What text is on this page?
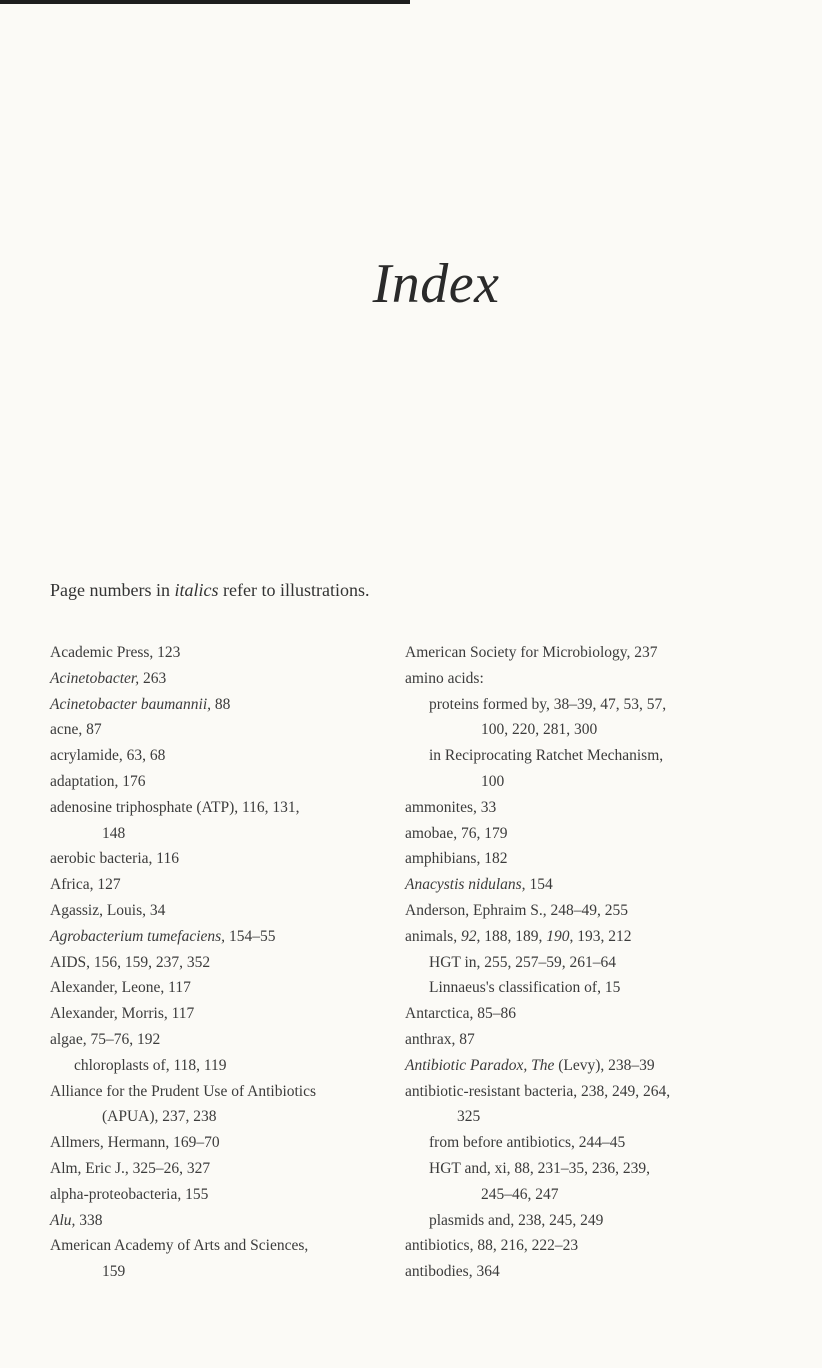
Index
Page numbers in italics refer to illustrations.
Academic Press, 123
Acinetobacter, 263
Acinetobacter baumannii, 88
acne, 87
acrylamide, 63, 68
adaptation, 176
adenosine triphosphate (ATP), 116, 131,
148
aerobic bacteria, 116
Africa, 127
Agassiz, Louis, 34
Agrobacterium tumefaciens, 154–55
AIDS, 156, 159, 237, 352
Alexander, Leone, 117
Alexander, Morris, 117
algae, 75–76, 192
chloroplasts of, 118, 119
Alliance for the Prudent Use of Antibiotics
(APUA), 237, 238
Allmers, Hermann, 169–70
Alm, Eric J., 325–26, 327
alpha-proteobacteria, 155
Alu, 338
American Academy of Arts and Sciences,
159
American Society for Microbiology, 237
amino acids:
proteins formed by, 38–39, 47, 53, 57,
100, 220, 281, 300
in Reciprocating Ratchet Mechanism,
100
ammonites, 33
amobae, 76, 179
amphibians, 182
Anacystis nidulans, 154
Anderson, Ephraim S., 248–49, 255
animals, 92, 188, 189, 190, 193, 212
HGT in, 255, 257–59, 261–64
Linnaeus's classification of, 15
Antarctica, 85–86
anthrax, 87
Antibiotic Paradox, The (Levy), 238–39
antibiotic-resistant bacteria, 238, 249, 264,
325
from before antibiotics, 244–45
HGT and, xi, 88, 231–35, 236, 239,
245–46, 247
plasmids and, 238, 245, 249
antibiotics, 88, 216, 222–23
antibodies, 364
